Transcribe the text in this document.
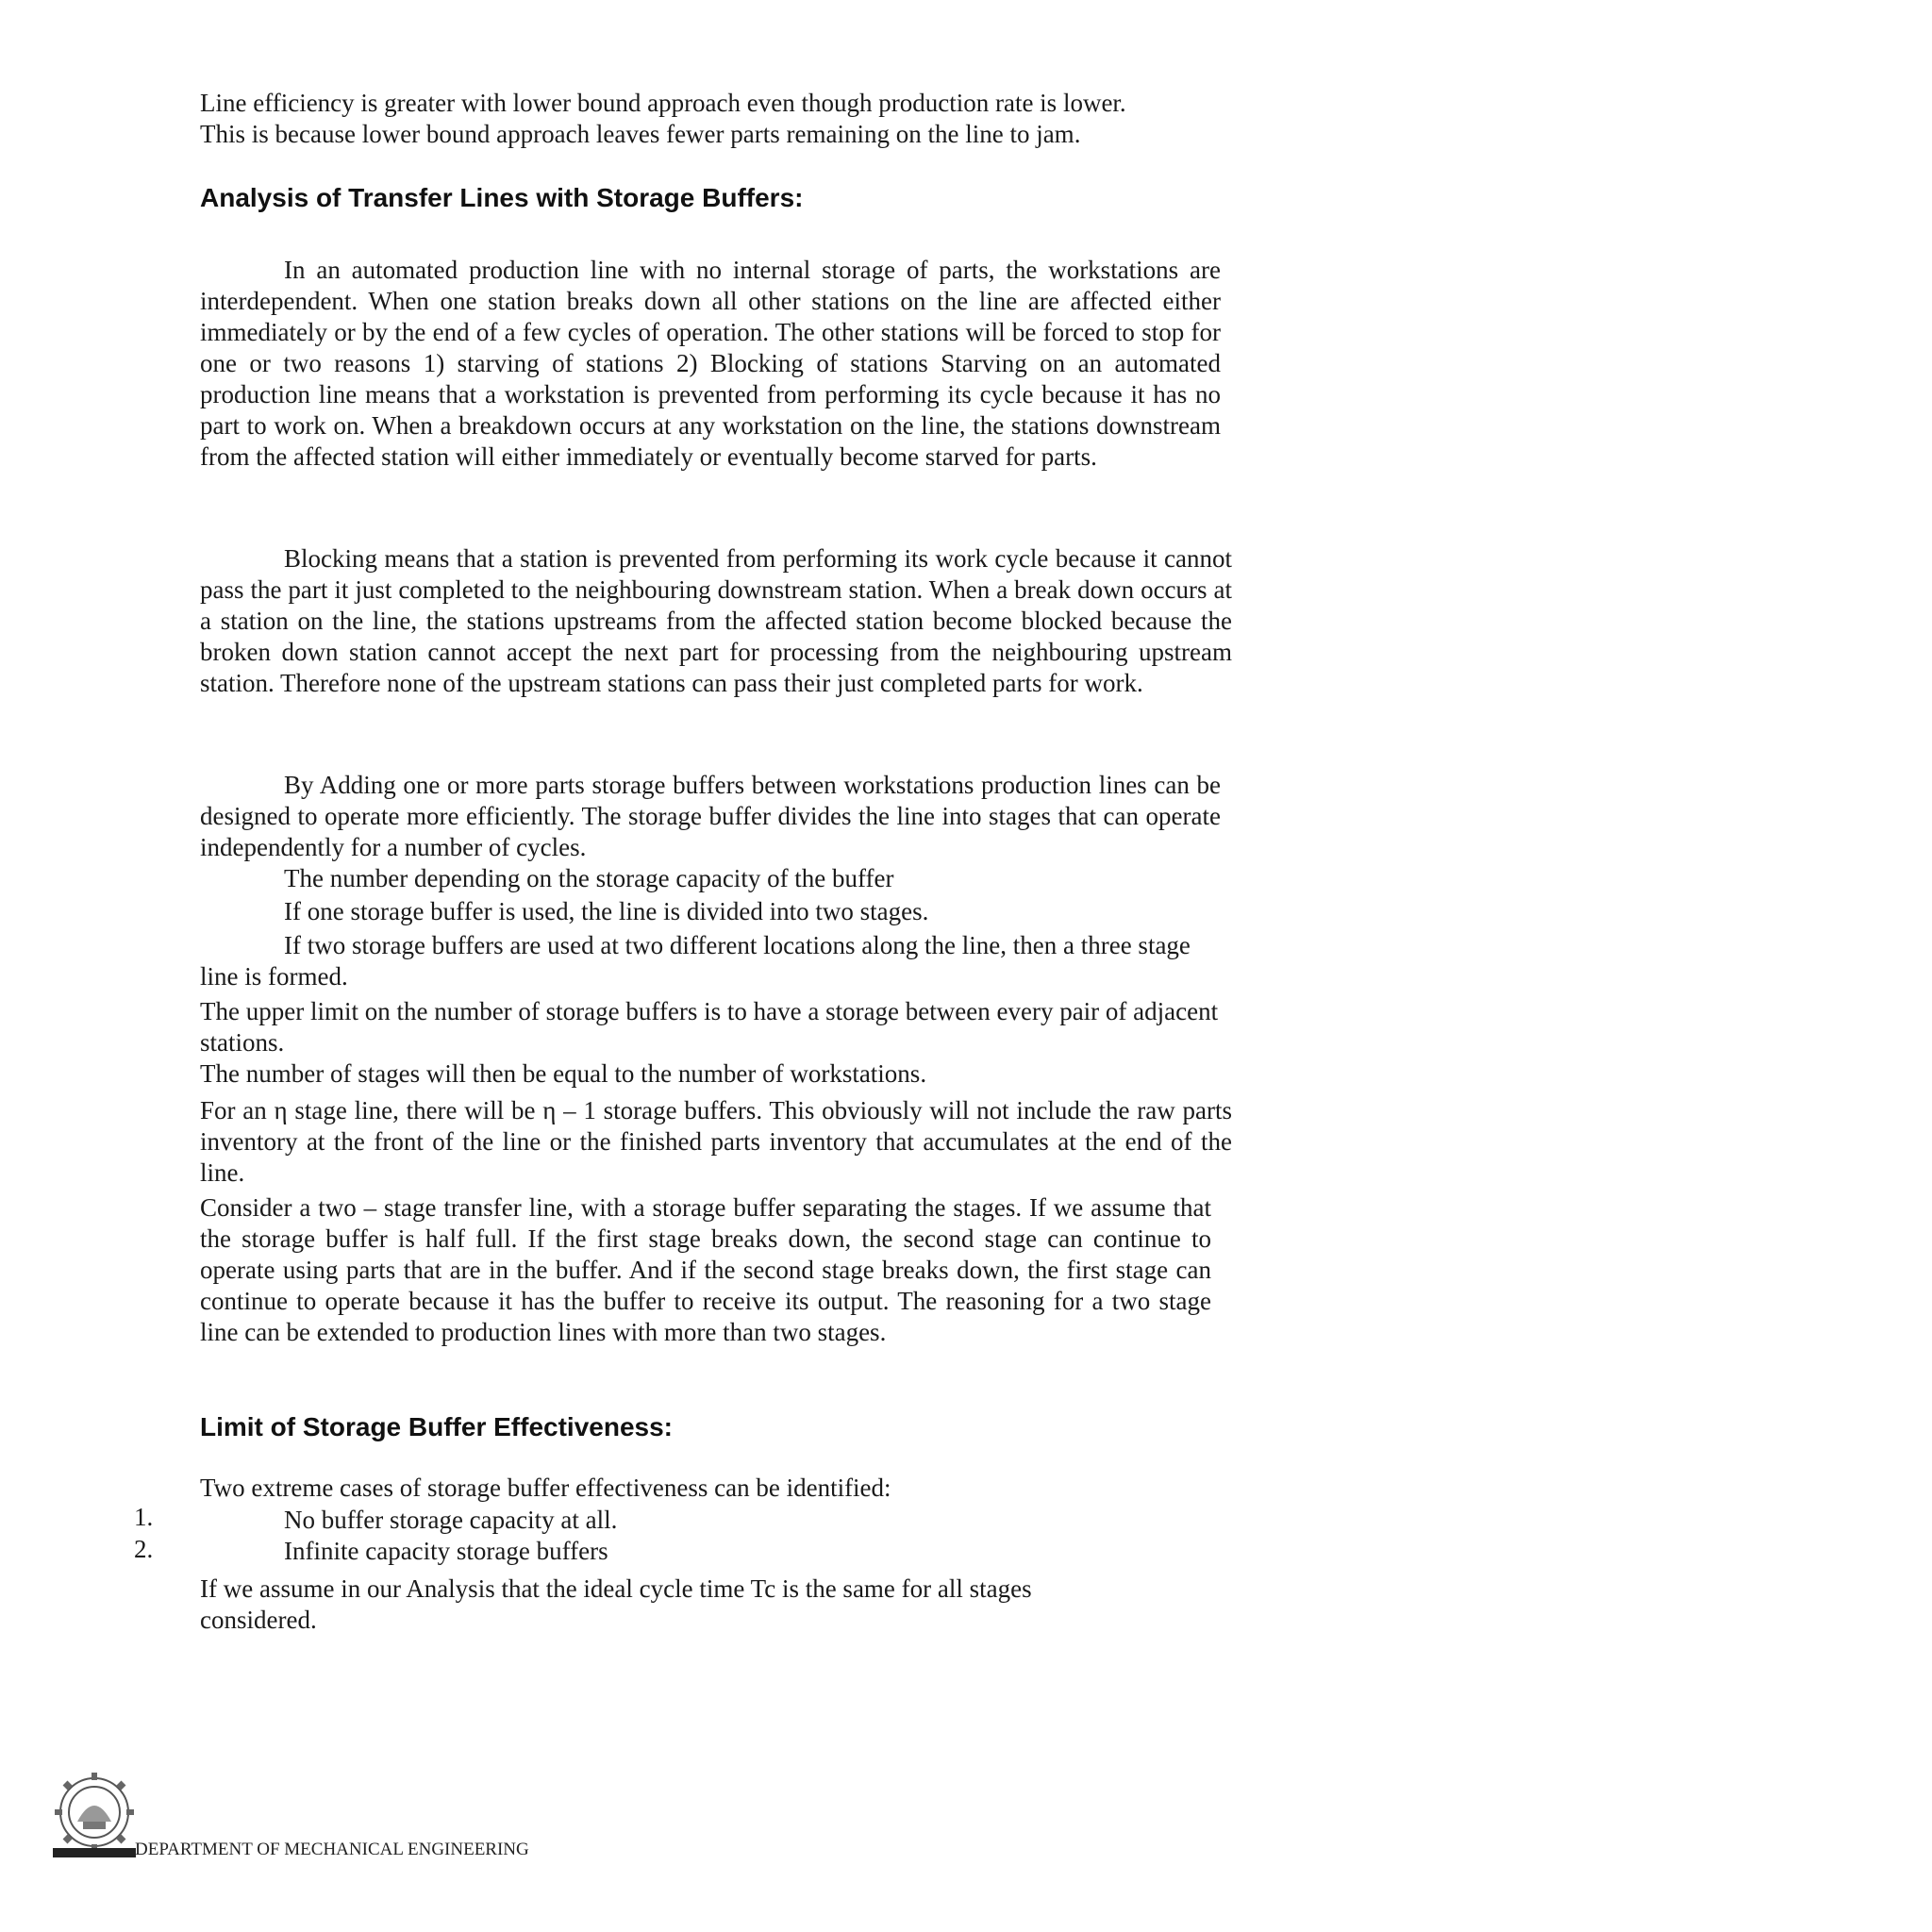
Line efficiency is greater with lower bound approach even though production rate is lower.
This is because lower bound approach leaves fewer parts remaining on the line to jam.
Analysis of Transfer Lines with Storage Buffers:

In an automated production line with no internal storage of parts, the workstations are interdependent. When one station breaks down all other stations on the line are affected either immediately or by the end of a few cycles of operation. The other stations will be forced to stop for one or two reasons 1) starving of stations 2) Blocking of stations Starving on an automated production line means that a workstation is prevented from performing its cycle because it has no part to work on. When a breakdown occurs at any workstation on the line, the stations downstream from the affected station will either immediately or eventually become starved for parts.

Blocking means that a station is prevented from performing its work cycle because it cannot pass the part it just completed to the neighbouring downstream station. When a break down occurs at a station on the line, the stations upstreams from the affected station become blocked because the broken down station cannot accept the next part for processing from the neighbouring upstream station. Therefore none of the upstream stations can pass their just completed parts for work.

By Adding one or more parts storage buffers between workstations production lines can be designed to operate more efficiently. The storage buffer divides the line into stages that can operate independently for a number of cycles.

The number depending on the storage capacity of the buffer
If one storage buffer is used, the line is divided into two stages.

If two storage buffers are used at two different locations along the line, then a three stage line is formed.

The upper limit on the number of storage buffers is to have a storage between every pair of adjacent stations.

The number of stages will then be equal to the number of workstations.

For an η stage line, there will be η – 1 storage buffers. This obviously will not include the raw parts inventory at the front of the line or the finished parts inventory that accumulates at the end of the line.

Consider a two – stage transfer line, with a storage buffer separating the stages. If we assume that the storage buffer is half full. If the first stage breaks down, the second stage can continue to operate using parts that are in the buffer. And if the second stage breaks down, the first stage can continue to operate because it has the buffer to receive its output. The reasoning for a two stage line can be extended to production lines with more than two stages.

Limit of Storage Buffer Effectiveness:
Two extreme cases of storage buffer effectiveness can be identified:
1.	No buffer storage capacity at all.
2.	Infinite capacity storage buffers

If we assume in our Analysis that the ideal cycle time Tc is the same for all stages considered.

DEPARTMENT OF MECHANICAL ENGINEERING
